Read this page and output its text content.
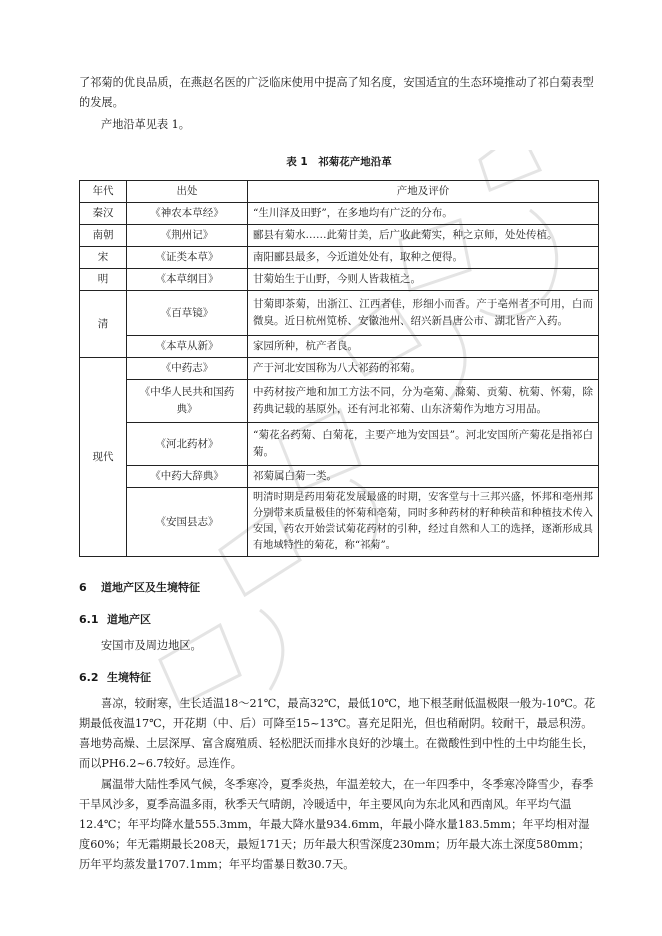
了祁菊的优良品质，在燕赵名医的广泛临床使用中提高了知名度，安国适宜的生态环境推动了祁白菊表型的发展。

产地沿革见表 1。

表 1　祁菊花产地沿革
年代	出处	产地及评价
秦汉	《神农本草经》	“生川泽及田野”，在多地均有广泛的分布。
南朝	《荆州记》	郦县有菊水……此菊甘美，后广收此菊实，种之京师，处处传植。
宋	《证类本草》	南阳郦县最多，今近道处处有，取种之便得。
明	《本草纲目》	甘菊始生于山野，今则人皆栽植之。
清	《百草镜》	甘菊即茶菊，出浙江、江西者佳，形细小而香。产于亳州者不可用，白而微臭。近日杭州笕桥、安徽池州、绍兴新昌唐公市、湖北皆产入药。
	《本草从新》	家园所种，杭产者良。
现代	《中药志》	产于河北安国称为八大祁药的祁菊。
	《中华人民共和国药典》	中药材按产地和加工方法不同，分为亳菊、滁菊、贡菊、杭菊、怀菊，除药典记载的基原外，还有河北祁菊、山东济菊作为地方习用品。
	《河北药材》	“菊花名药菊、白菊花，主要产地为安国县”。河北安国所产菊花是指祁白菊。
	《中药大辞典》	祁菊属白菊一类。
	《安国县志》	明清时期是药用菊花发展最盛的时期，安客堂与十三邦兴盛，怀邦和亳州邦分别带来质量极佳的怀菊和亳菊，同时多种药材的籽种秧苗和种植技术传入安国，药农开始尝试菊花药材的引种，经过自然和人工的选择，逐渐形成具有地域特性的菊花，称“祁菊”。
6 道地产区及生境特征
6.1 道地产区

安国市及周边地区。

6.2 生境特征

喜凉，较耐寒，生长适温18～21℃，最高32℃，最低10℃，地下根茎耐低温极限一般为-10℃。花期最低夜温17℃，开花期（中、后）可降至15~13℃。喜充足阳光，但也稍耐阴。较耐干，最忌积涝。喜地势高燥、土层深厚、富含腐殖质、轻松肥沃而排水良好的沙壤土。在微酸性到中性的土中均能生长，而以PH6.2~6.7较好。忌连作。

属温带大陆性季风气候，冬季寒冷，夏季炎热，年温差较大，在一年四季中，冬季寒冷降雪少，春季干旱风沙多，夏季高温多雨，秋季天气晴朗，冷暖适中，年主要风向为东北风和西南风。年平均气温12.4℃；年平均降水量555.3mm，年最大降水量934.6mm，年最小降水量183.5mm；年平均相对湿度60%；年无霜期最长208天，最短171天；历年最大积雪深度230mm；历年最大冻土深度580mm；历年平均蒸发量1707.1mm；年平均雷暴日数30.7天。
